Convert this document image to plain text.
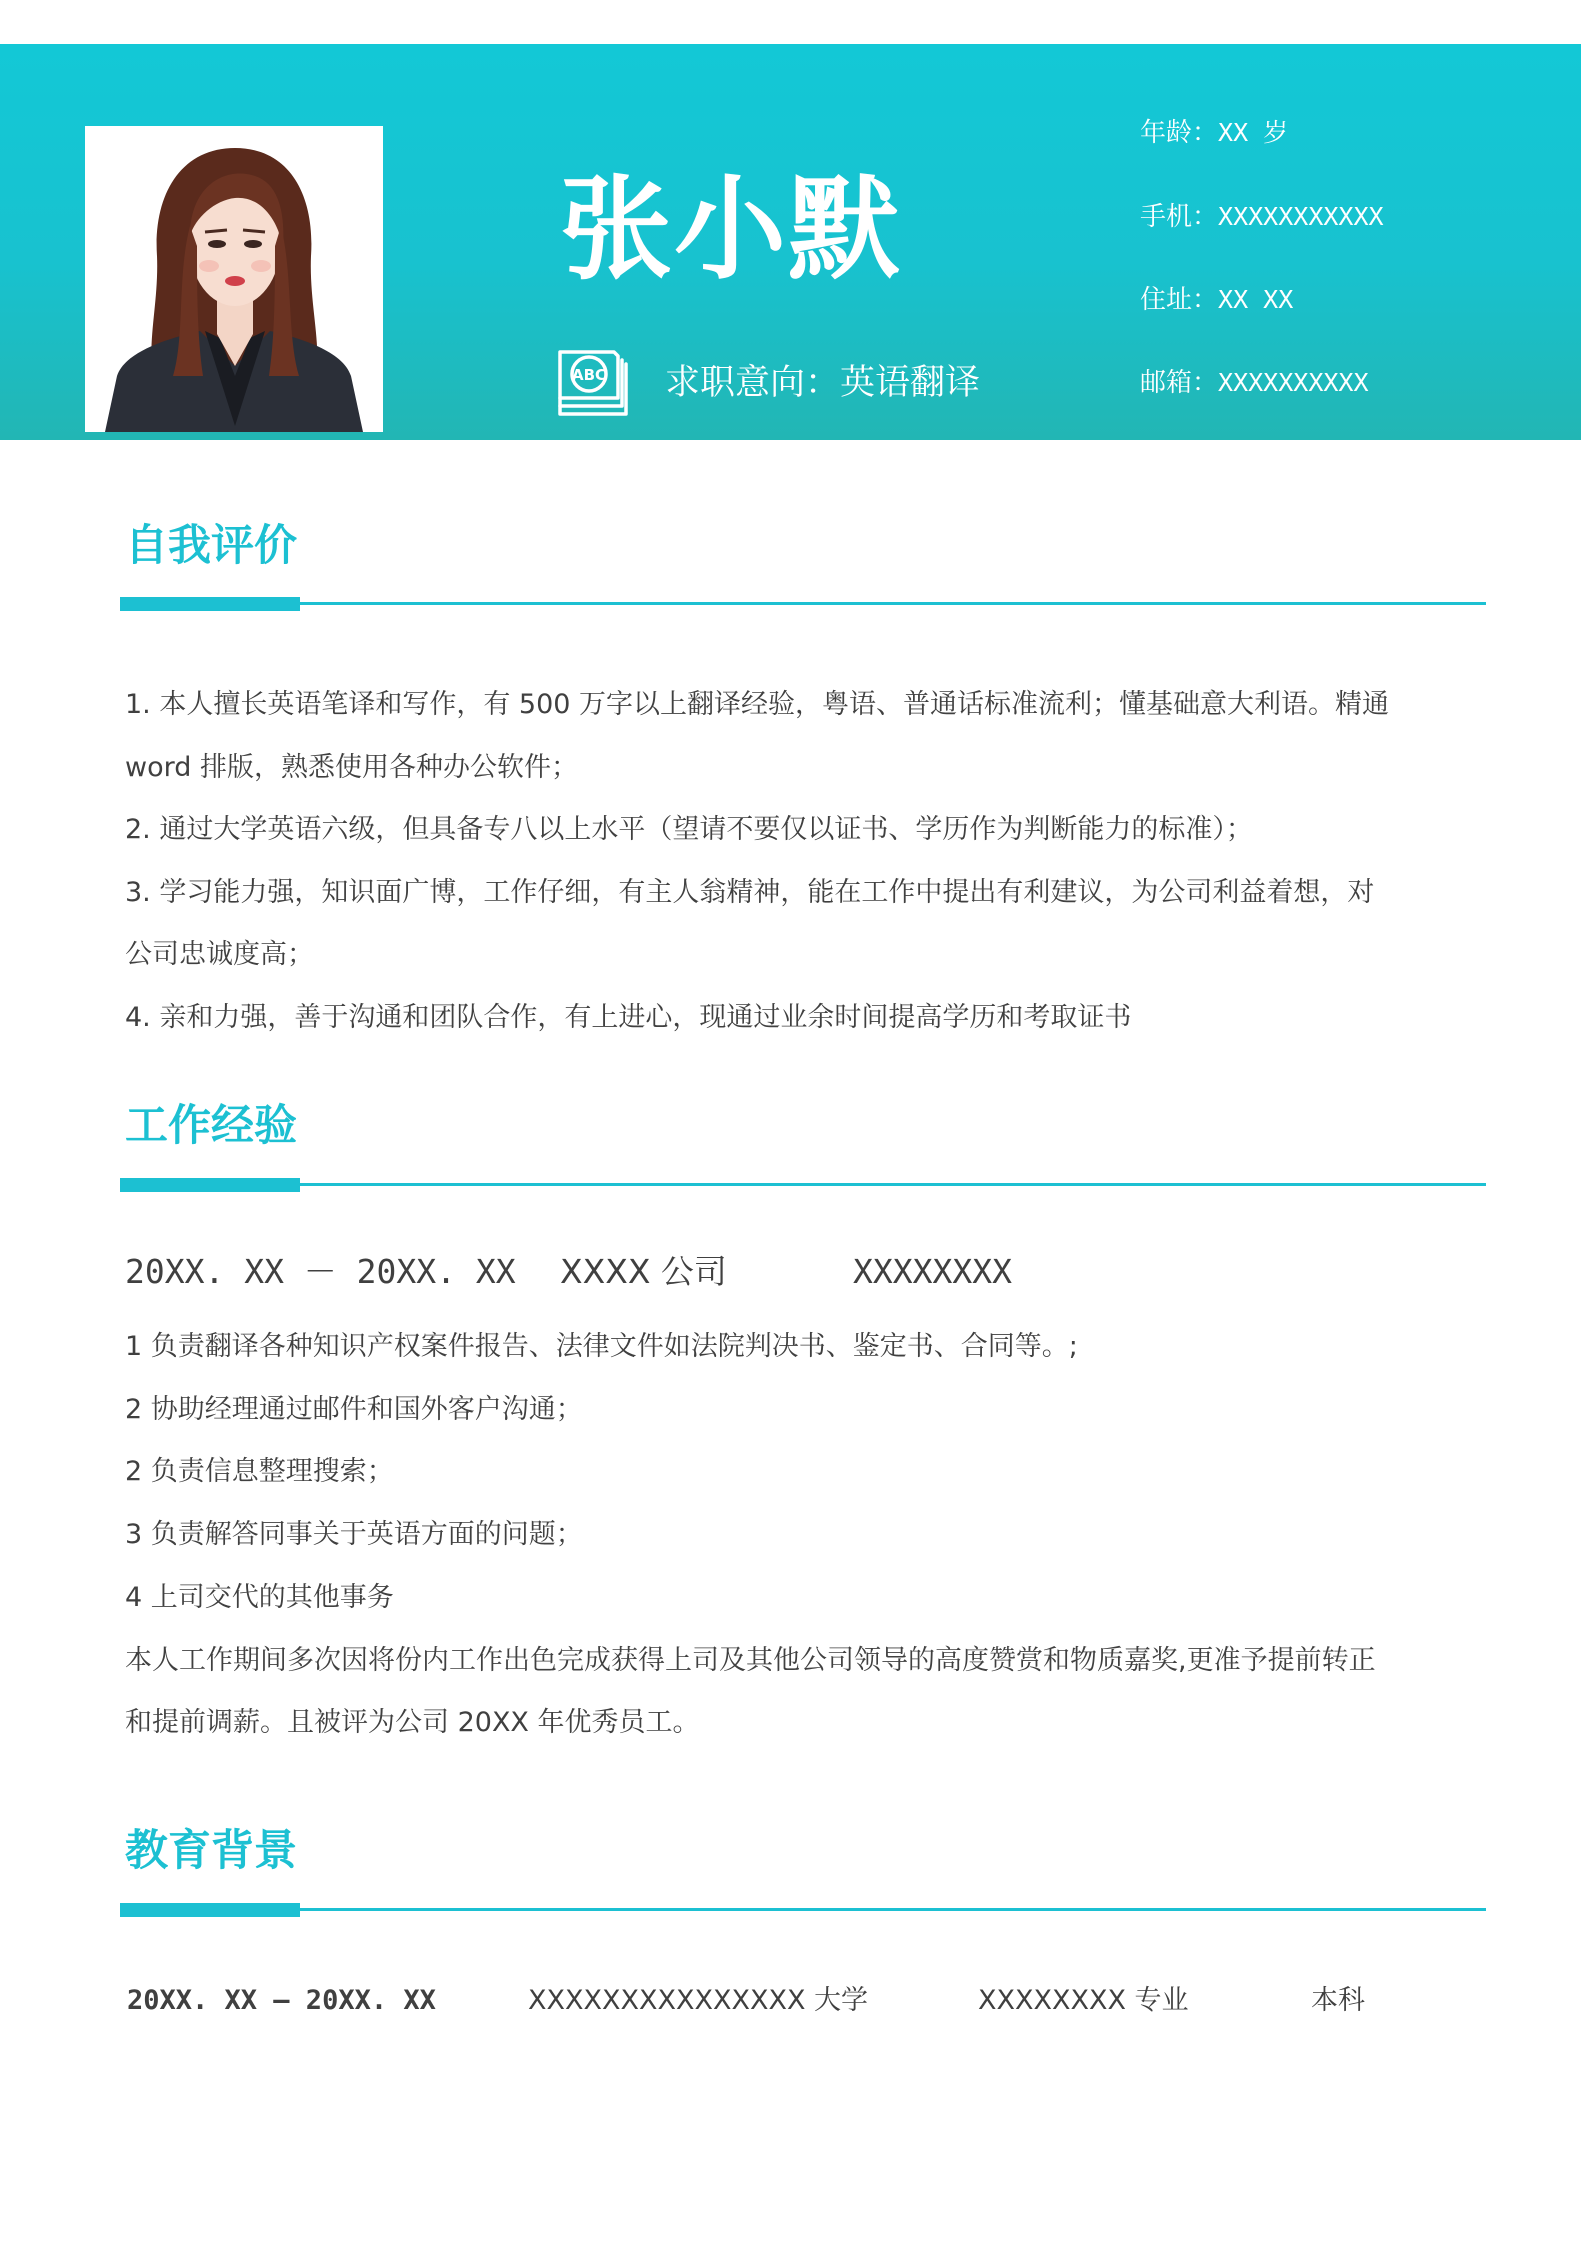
张小默
ABC 求职意向：英语翻译
年龄：XX 岁
手机：XXXXXXXXXXX
住址：XX XX
邮箱：XXXXXXXXXX
自我评价
1. 本人擅长英语笔译和写作，有 500 万字以上翻译经验，粤语、普通话标准流利；懂基础意大利语。精通
word 排版，熟悉使用各种办公软件；
2. 通过大学英语六级，但具备专八以上水平（望请不要仅以证书、学历作为判断能力的标准）；
3. 学习能力强，知识面广博，工作仔细，有主人翁精神，能在工作中提出有利建议，为公司利益着想，对
公司忠诚度高；
4. 亲和力强，善于沟通和团队合作，有上进心，现通过业余时间提高学历和考取证书
工作经验
20XX. XX － 20XX. XX XXXX 公司	XXXXXXXX
1 负责翻译各种知识产权案件报告、法律文件如法院判决书、鉴定书、合同等。;
2 协助经理通过邮件和国外客户沟通；
2 负责信息整理搜索；
3 负责解答同事关于英语方面的问题；
4 上司交代的其他事务
本人工作期间多次因将份内工作出色完成获得上司及其他公司领导的高度赞赏和物质嘉奖,更准予提前转正
和提前调薪。且被评为公司 20XX 年优秀员工。
教育背景
20XX. XX – 20XX. XX	XXXXXXXXXXXXXXX 大学	XXXXXXXX 专业	本科
